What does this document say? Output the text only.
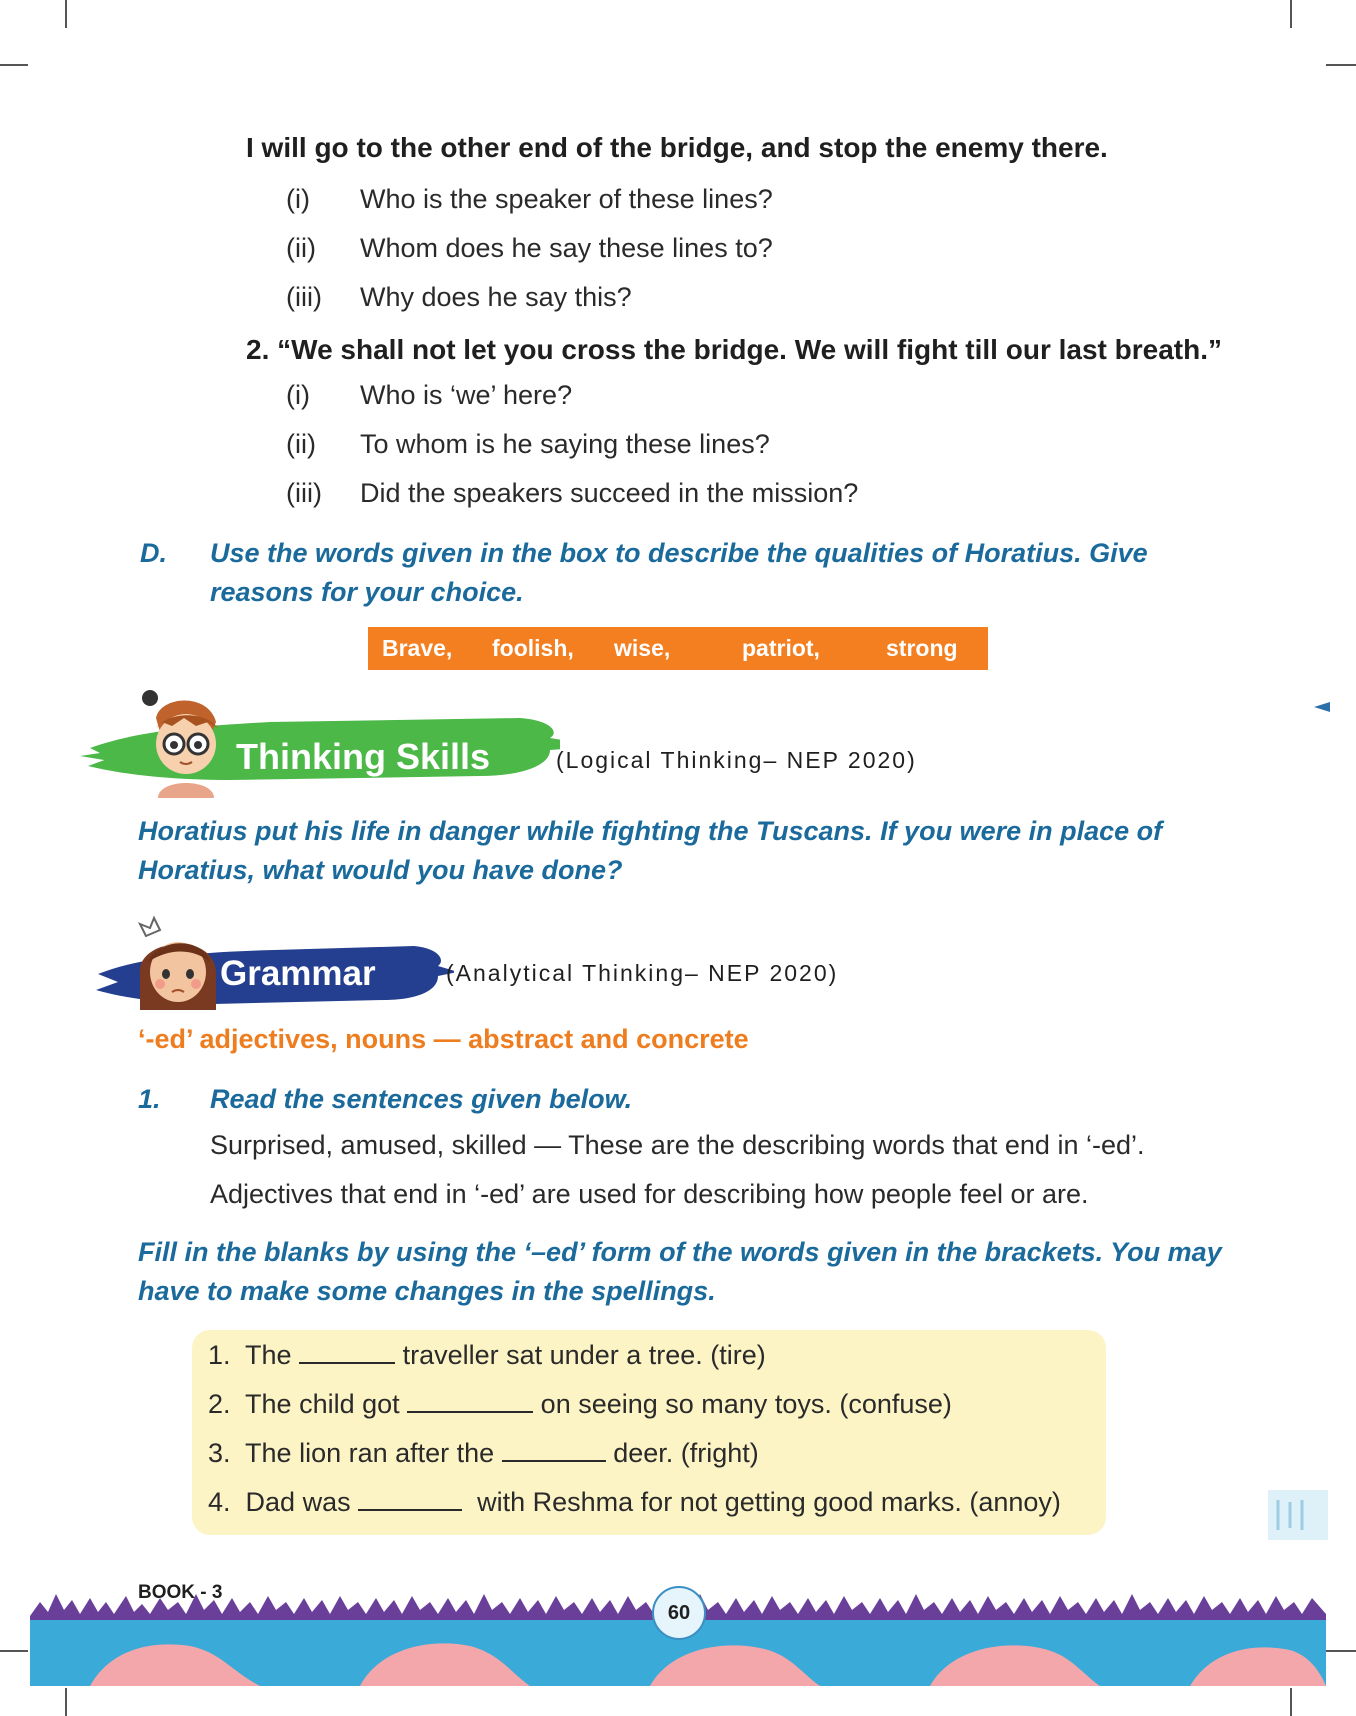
I will go to the other end of the bridge, and stop the enemy there.
(i) Who is the speaker of these lines?
(ii) Whom does he say these lines to?
(iii) Why does he say this?
2. “We shall not let you cross the bridge. We will fight till our last breath.”
(i) Who is ‘we’ here?
(ii) To whom is he saying these lines?
(iii) Did the speakers succeed in the mission?
D. Use the words given in the box to describe the qualities of Horatius. Give reasons for your choice.
Brave, foolish, wise,	patriot,	strong
Thinking Skills	(Logical Thinking– NEP 2020)
Horatius put his life in danger while fighting the Tuscans. If you were in place of Horatius, what would you have done?
Grammar	(Analytical Thinking– NEP 2020)
‘-ed’ adjectives, nouns — abstract and concrete
1. Read the sentences given below.
Surprised, amused, skilled — These are the describing words that end in ‘-ed’.
Adjectives that end in ‘-ed’ are used for describing how people feel or are.
Fill in the blanks by using the ‘–ed’ form of the words given in the brackets. You may have to make some changes in the spellings.
1. The	traveller sat under a tree. (tire)
2. The child got	on seeing so many toys. (confuse)
3. The lion ran after the	deer. (fright)
4. Dad was	with Reshma for not getting good marks. (annoy)
BOOK - 3
60
